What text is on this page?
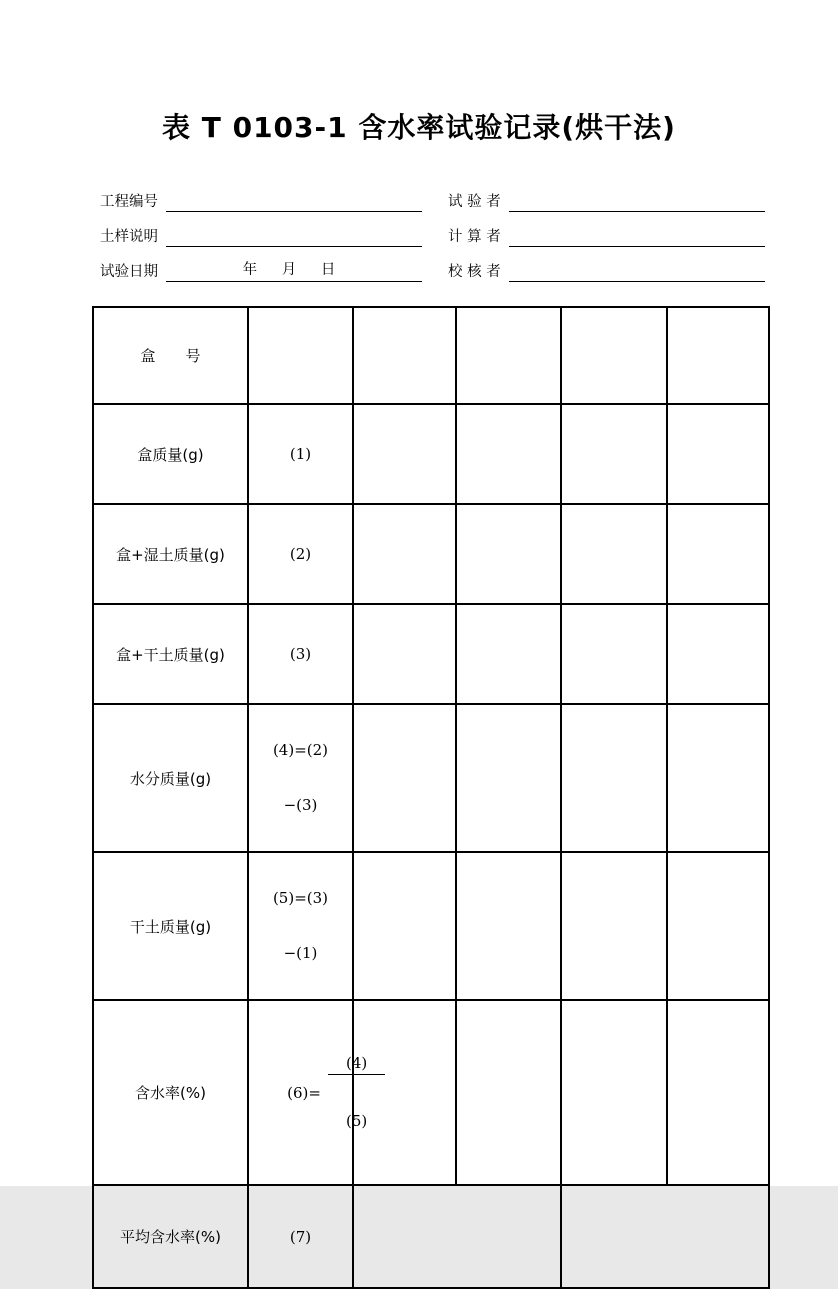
表 T 0103-1 含水率试验记录(烘干法)
工程编号	试 验 者
土样说明	计 算 者
试验日期	年 月 日	校 核 者
盒　　号					
盒质量(g)	(1)				
盒+湿土质量(g)	(2)				
盒+干土质量(g)	(3)				
水分质量(g)	(4)=(2)

−(3)				

干土质量(g)	(5)=(3)

−(1)				

含水率(%)	(6)=

$\frac{(4)}{(5)}$

平均含水率(%)	(7)				
